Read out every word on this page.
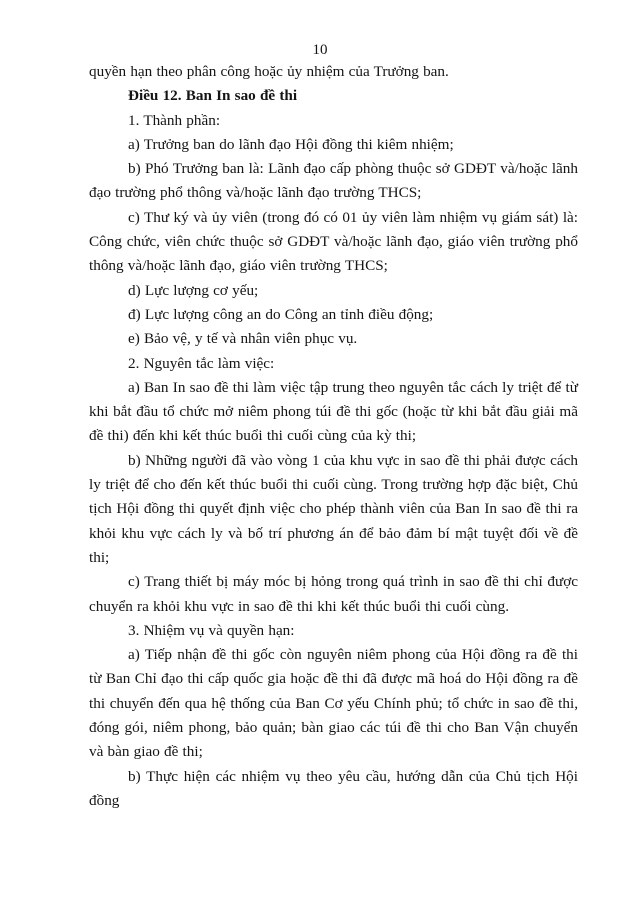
10

quyền hạn theo phân công hoặc ủy nhiệm của Trưởng ban.

Điều 12. Ban In sao đề thi

1. Thành phần:

a) Trưởng ban do lãnh đạo Hội đồng thi kiêm nhiệm;

b) Phó Trưởng ban là: Lãnh đạo cấp phòng thuộc sở GDĐT và/hoặc lãnh đạo trường phổ thông và/hoặc lãnh đạo trường THCS;

c) Thư ký và ủy viên (trong đó có 01 ủy viên làm nhiệm vụ giám sát) là: Công chức, viên chức thuộc sở GDĐT và/hoặc lãnh đạo, giáo viên trường phổ thông và/hoặc lãnh đạo, giáo viên trường THCS;

d) Lực lượng cơ yếu;

đ) Lực lượng công an do Công an tỉnh điều động;

e) Bảo vệ, y tế và nhân viên phục vụ.

2. Nguyên tắc làm việc:

a) Ban In sao đề thi làm việc tập trung theo nguyên tắc cách ly triệt để từ khi bắt đầu tổ chức mở niêm phong túi đề thi gốc (hoặc từ khi bắt đầu giải mã đề thi) đến khi kết thúc buổi thi cuối cùng của kỳ thi;

b) Những người đã vào vòng 1 của khu vực in sao đề thi phải được cách ly triệt để cho đến kết thúc buổi thi cuối cùng. Trong trường hợp đặc biệt, Chủ tịch Hội đồng thi quyết định việc cho phép thành viên của Ban In sao đề thi ra khỏi khu vực cách ly và bố trí phương án để bảo đảm bí mật tuyệt đối về đề thi;

c) Trang thiết bị máy móc bị hỏng trong quá trình in sao đề thi chỉ được chuyển ra khỏi khu vực in sao đề thi khi kết thúc buổi thi cuối cùng.

3. Nhiệm vụ và quyền hạn:

a) Tiếp nhận đề thi gốc còn nguyên niêm phong của Hội đồng ra đề thi từ Ban Chỉ đạo thi cấp quốc gia hoặc đề thi đã được mã hoá do Hội đồng ra đề thi chuyển đến qua hệ thống của Ban Cơ yếu Chính phủ; tổ chức in sao đề thi, đóng gói, niêm phong, bảo quản; bàn giao các túi đề thi cho Ban Vận chuyển và bàn giao đề thi;

b) Thực hiện các nhiệm vụ theo yêu cầu, hướng dẫn của Chủ tịch Hội đồng
